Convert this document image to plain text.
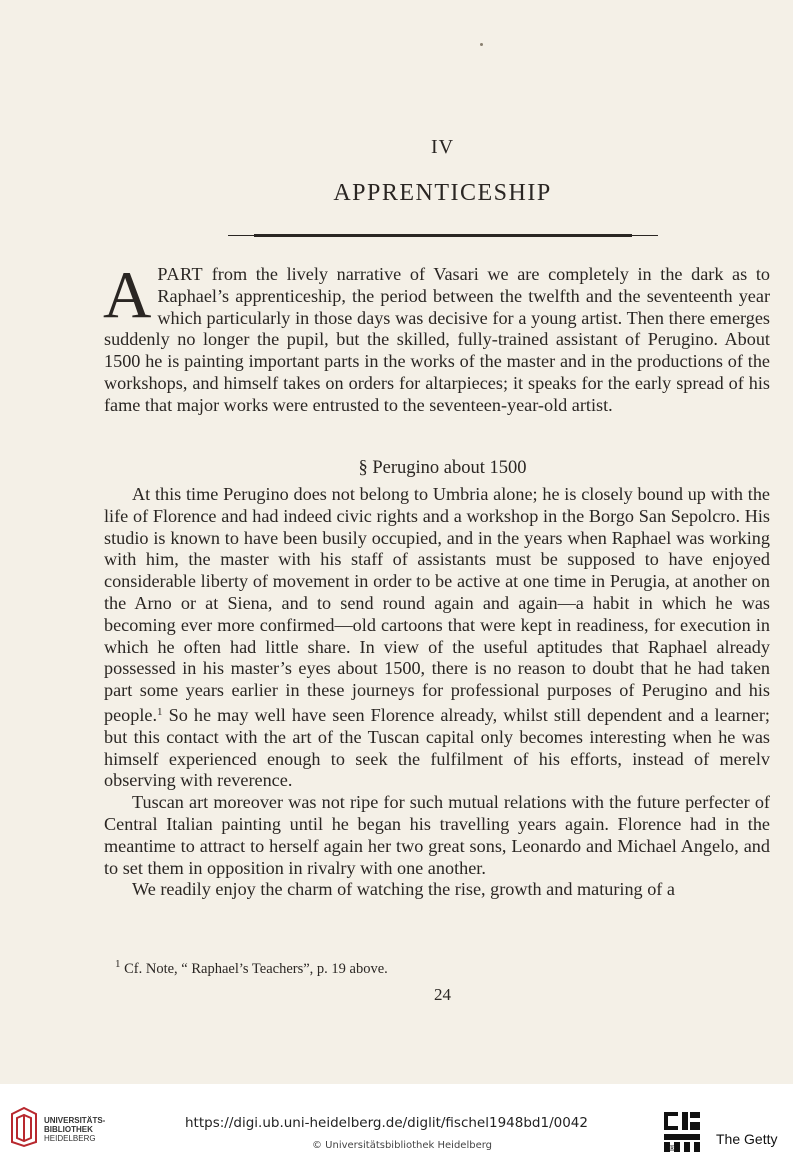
IV
APPRENTICESHIP
APART from the lively narrative of Vasari we are completely in the dark as to Raphael’s apprenticeship, the period between the twelfth and the seventeenth year which particularly in those days was decisive for a young artist. Then there emerges suddenly no longer the pupil, but the skilled, fully-trained assistant of Perugino. About 1500 he is painting important parts in the works of the master and in the productions of the workshops, and himself takes on orders for altarpieces; it speaks for the early spread of his fame that major works were entrusted to the seventeen-year-old artist.
§ Perugino about 1500

At this time Perugino does not belong to Umbria alone; he is closely bound up with the life of Florence and had indeed civic rights and a workshop in the Borgo San Sepolcro. His studio is known to have been busily occupied, and in the years when Raphael was working with him, the master with his staff of assistants must be supposed to have enjoyed considerable liberty of movement in order to be active at one time in Perugia, at another on the Arno or at Siena, and to send round again and again—a habit in which he was becoming ever more confirmed—old cartoons that were kept in readiness, for execution in which he often had little share. In view of the useful aptitudes that Raphael already possessed in his master’s eyes about 1500, there is no reason to doubt that he had taken part some years earlier in these journeys for professional purposes of Perugino and his people.$^1$ So he may well have seen Florence already, whilst still dependent and a learner; but this contact with the art of the Tuscan capital only becomes interesting when he was himself experienced enough to seek the fulfilment of his efforts, instead of merelv observing with reverence.

Tuscan art moreover was not ripe for such mutual relations with the future perfecter of Central Italian painting until he began his travelling years again. Florence had in the meantime to attract to herself again her two great sons, Leonardo and Michael Angelo, and to set them in opposition in rivalry with one another.

We readily enjoy the charm of watching the rise, growth and maturing of a

$^1$ Cf. Note, “ Raphael’s Teachers”, p. 19 above.
24
UNIVERSITÄTS-
BIBLIOTHEK
HEIDELBERG
https://digi.ub.uni-heidelberg.de/diglit/fischel1948bd1/0042
© Universitätsbibliothek Heidelberg	®
The Getty
